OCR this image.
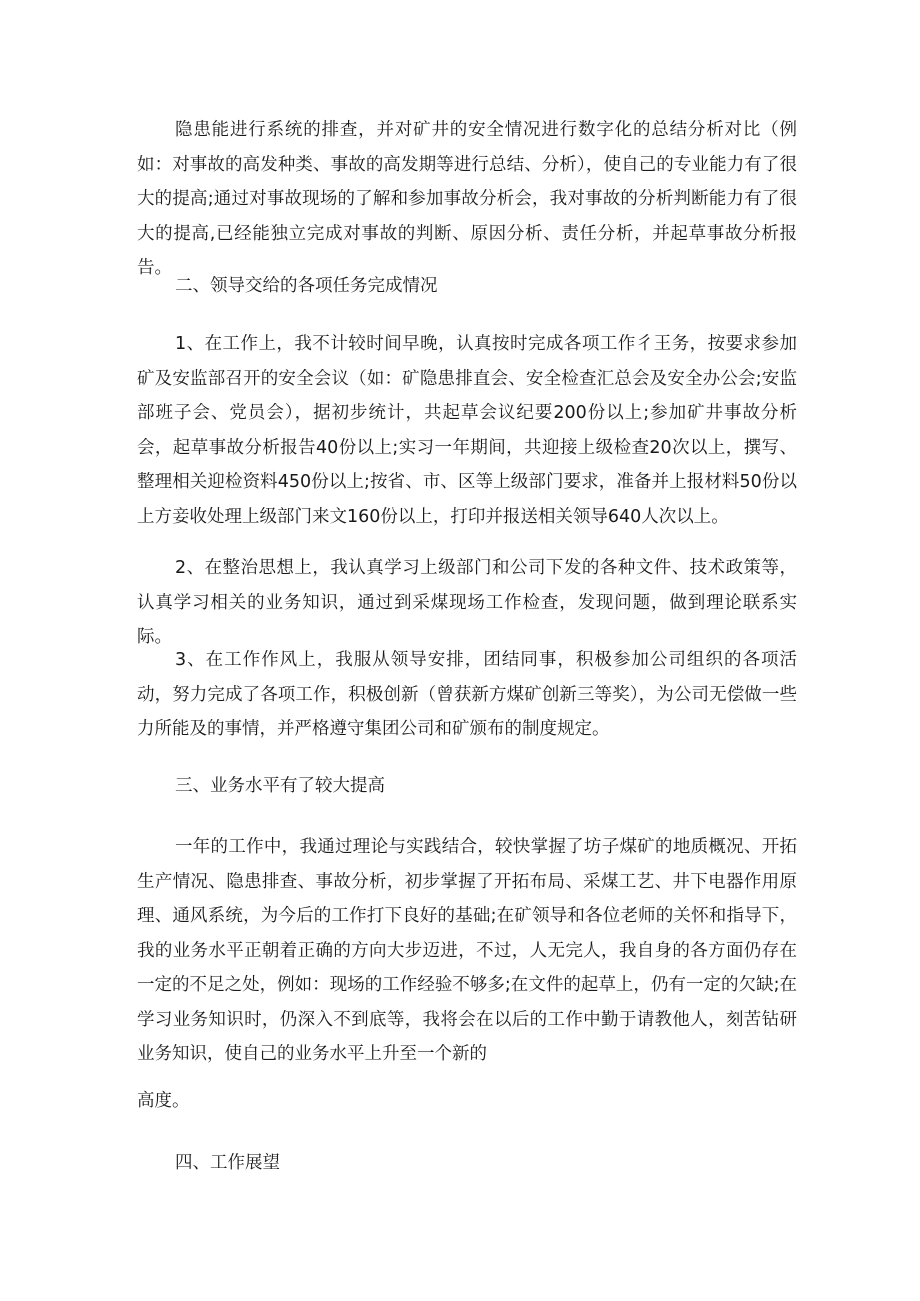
隐患能进行系统的排查，并对矿井的安全情况进行数字化的总结分析对比（例如：对事故的高发种类、事故的高发期等进行总结、分析），使自己的专业能力有了很大的提高;通过对事故现场的了解和参加事故分析会，我对事故的分析判断能力有了很大的提高,已经能独立完成对事故的判断、原因分析、责任分析，并起草事故分析报告。

二、领导交给的各项任务完成情况

1、在工作上，我不计较时间早晚，认真按时完成各项工作彳王务，按要求参加矿及安监部召开的安全会议（如：矿隐患排直会、安全检查汇总会及安全办公会;安监部班子会、党员会），据初步统计，共起草会议纪要200份以上;参加矿井事故分析会，起草事故分析报告40份以上;实习一年期间，共迎接上级检查20次以上，撰写、整理相关迎检资料450份以上;按省、市、区等上级部门要求，准备并上报材料50份以上方妾收处理上级部门来文160份以上，打印并报送相关领导640人次以上。

2、在整治思想上，我认真学习上级部门和公司下发的各种文件、技术政策等，认真学习相关的业务知识，通过到采煤现场工作检查，发现问题，做到理论联系实际。

3、在工作作风上，我服从领导安排，团结同事，积极参加公司组织的各项活动，努力完成了各项工作，积极创新（曾获新方煤矿创新三等奖），为公司无偿做一些力所能及的事情，并严格遵守集团公司和矿颁布的制度规定。

三、业务水平有了较大提高

一年的工作中，我通过理论与实践结合，较快掌握了坊子煤矿的地质概况、开拓生产情况、隐患排查、事故分析，初步掌握了开拓布局、采煤工艺、井下电器作用原理、通风系统，为今后的工作打下良好的基础;在矿领导和各位老师的关怀和指导下，我的业务水平正朝着正确的方向大步迈进，不过，人无完人，我自身的各方面仍存在一定的不足之处，例如：现场的工作经验不够多;在文件的起草上，仍有一定的欠缺;在学习业务知识时，仍深入不到底等，我将会在以后的工作中勤于请教他人，刻苦钻研业务知识，使自己的业务水平上升至一个新的

高度。

四、工作展望
